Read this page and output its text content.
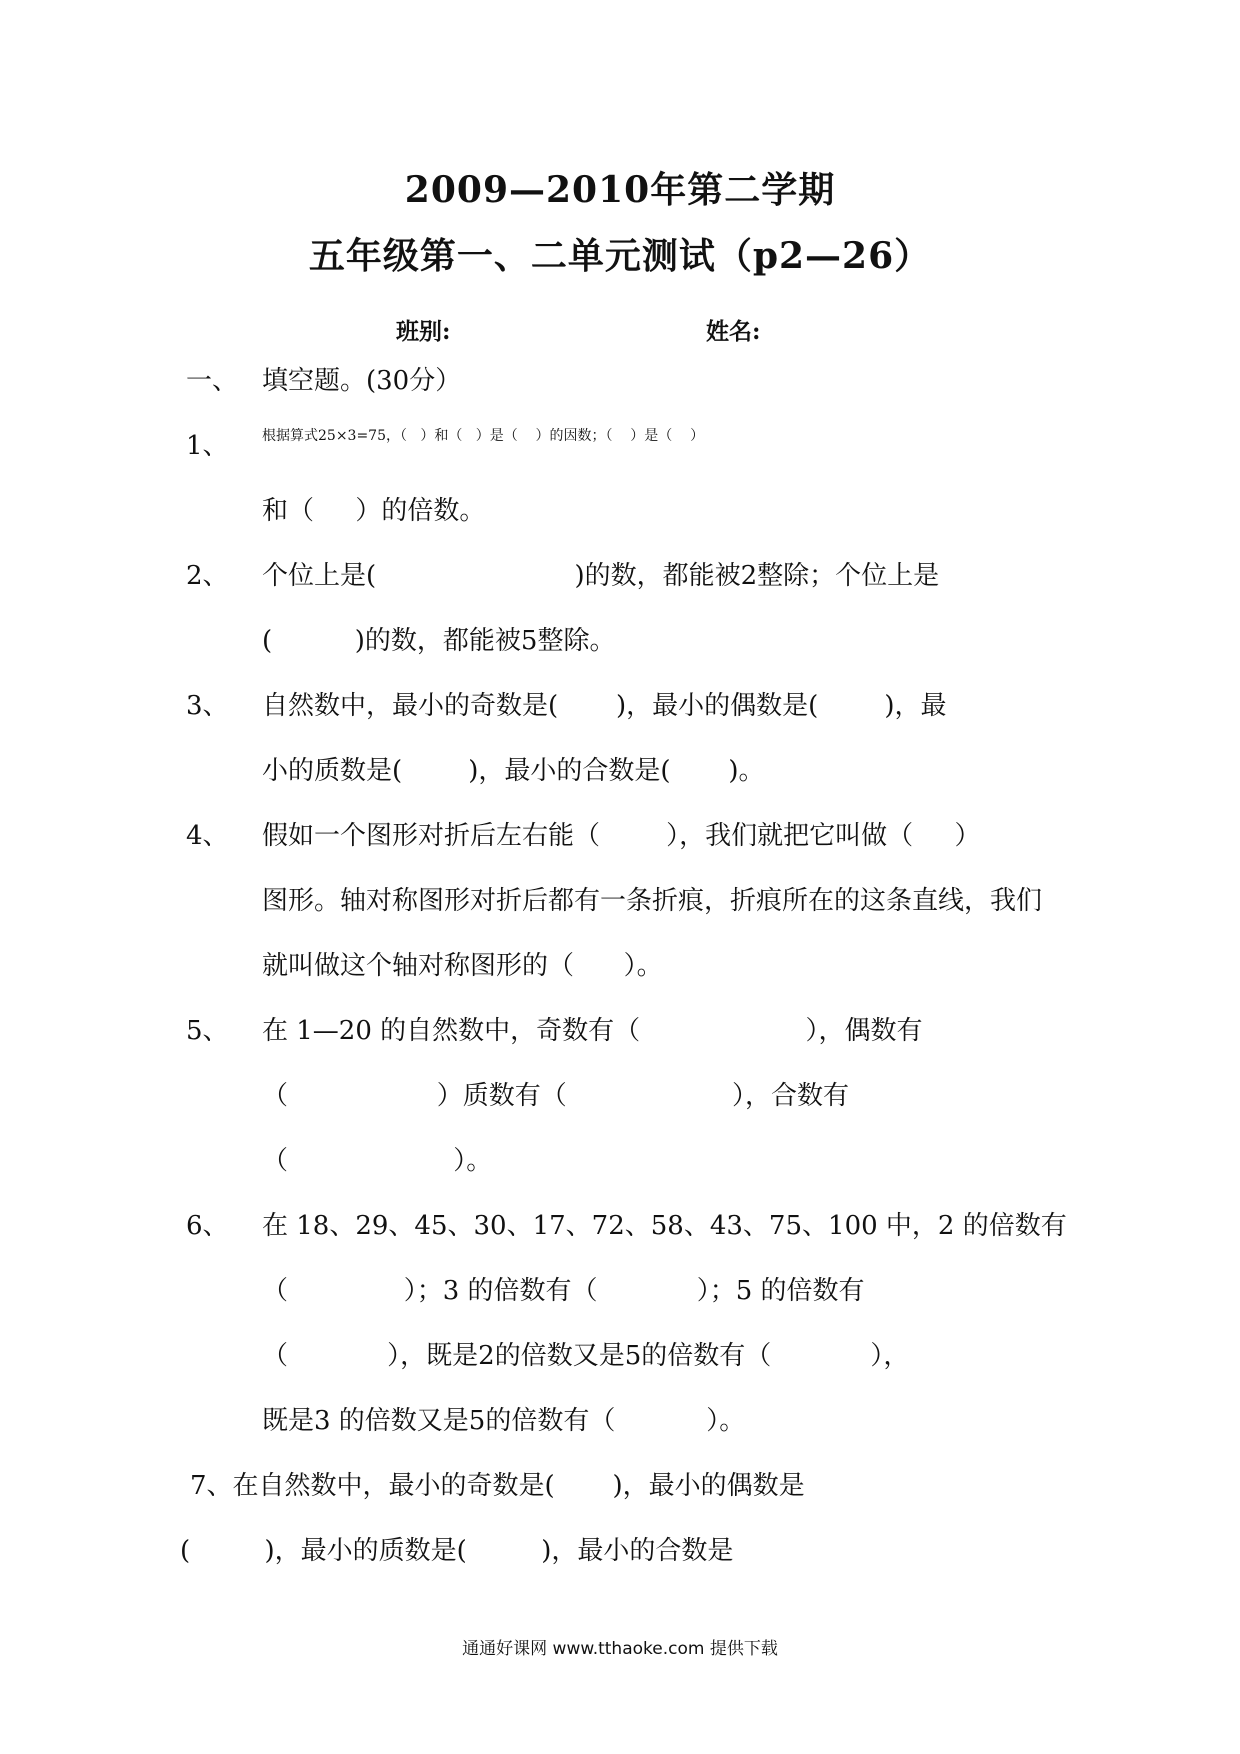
2009—2010年第二学期
五年级第一、二单元测试（p2—26）
班别:	姓名:
一、 填空题。(30分）
1、 根据算式25×3=75，（   ）和（   ）是（    ）的因数；（    ）是（    ）
和（     ）的倍数。
2、 个位上是(                        )的数，都能被2整除；个位上是
(          )的数，都能被5整除。
3、 自然数中，最小的奇数是(       )，最小的偶数是(        )，最
小的质数是(        )，最小的合数是(       )。
4、 假如一个图形对折后左右能（        ），我们就把它叫做（     ）
图形。轴对称图形对折后都有一条折痕，折痕所在的这条直线，我们
就叫做这个轴对称图形的（      ）。
5、 在 1—20 的自然数中，奇数有（                    ），偶数有
（                  ）质数有（                    ），合数有
（                    ）。
6、 在 18、29、45、30、17、72、58、43、75、100 中，2 的倍数有
（              ）；3 的倍数有（            ）；5 的倍数有
（            ），既是2的倍数又是5的倍数有（            ），
既是3 的倍数又是5的倍数有（           ）。
7、在自然数中，最小的奇数是(       )，最小的偶数是
(         )，最小的质数是(         )，最小的合数是
通通好课网 www.tthaoke.com 提供下载
